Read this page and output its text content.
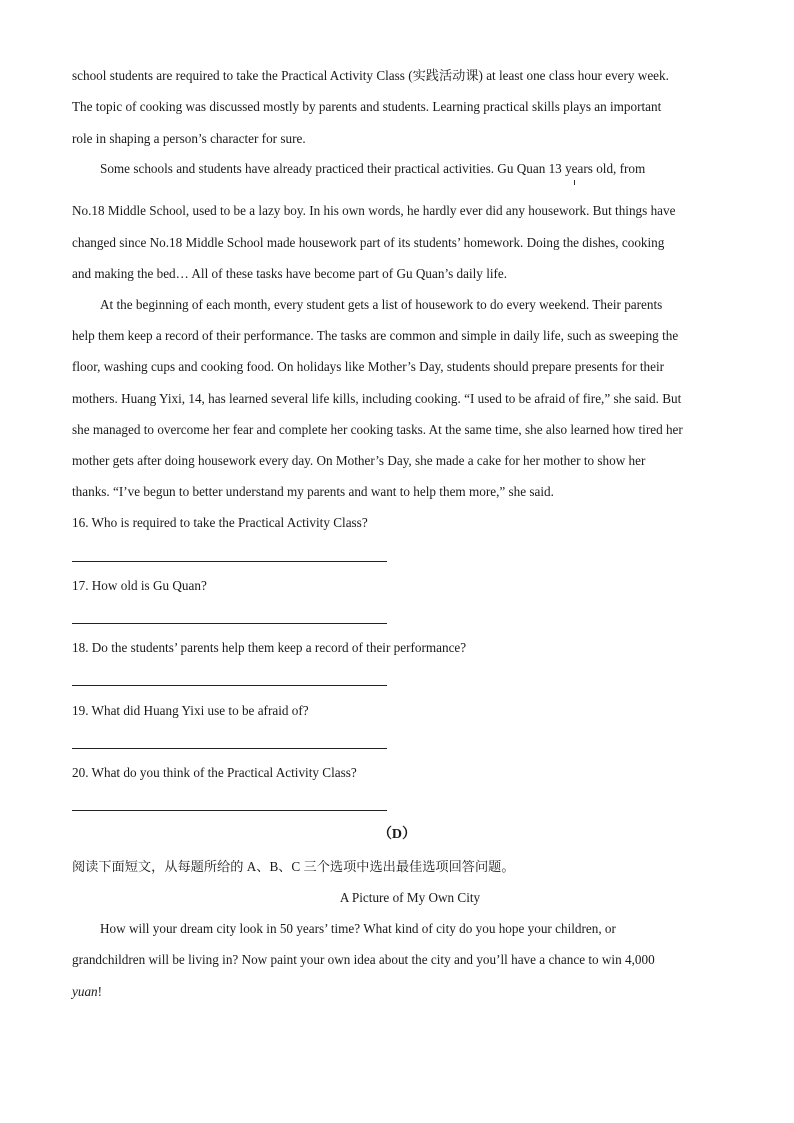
school students are required to take the Practical Activity Class (实践活动课) at least one class hour every week.
The topic of cooking was discussed mostly by parents and students. Learning practical skills plays an important
role in shaping a person’s character for sure.
Some schools and students have already practiced their practical activities. Gu Quan 13 years old, from
No.18 Middle School, used to be a lazy boy. In his own words, he hardly ever did any housework. But things have
changed since No.18 Middle School made housework part of its students’ homework. Doing the dishes, cooking
and making the bed… All of these tasks have become part of Gu Quan’s daily life.
At the beginning of each month, every student gets a list of housework to do every weekend. Their parents
help them keep a record of their performance. The tasks are common and simple in daily life, such as sweeping the
floor, washing cups and cooking food. On holidays like Mother’s Day, students should prepare presents for their
mothers. Huang Yixi, 14, has learned several life kills, including cooking. “I used to be afraid of fire,” she said. But
she managed to overcome her fear and complete her cooking tasks. At the same time, she also learned how tired her
mother gets after doing housework every day. On Mother’s Day, she made a cake for her mother to show her
thanks. “I’ve begun to better understand my parents and want to help them more,” she said.
16. Who is required to take the Practical Activity Class?
17. How old is Gu Quan?
18. Do the students’ parents help them keep a record of their performance?
19. What did Huang Yixi use to be afraid of?
20. What do you think of the Practical Activity Class?
（D）
阅读下面短文，从每题所给的 A、B、C 三个选项中选出最佳选项回答问题。
A Picture of My Own City
How will your dream city look in 50 years’ time? What kind of city do you hope your children, or
grandchildren will be living in? Now paint your own idea about the city and you’ll have a chance to win 4,000
yuan!
